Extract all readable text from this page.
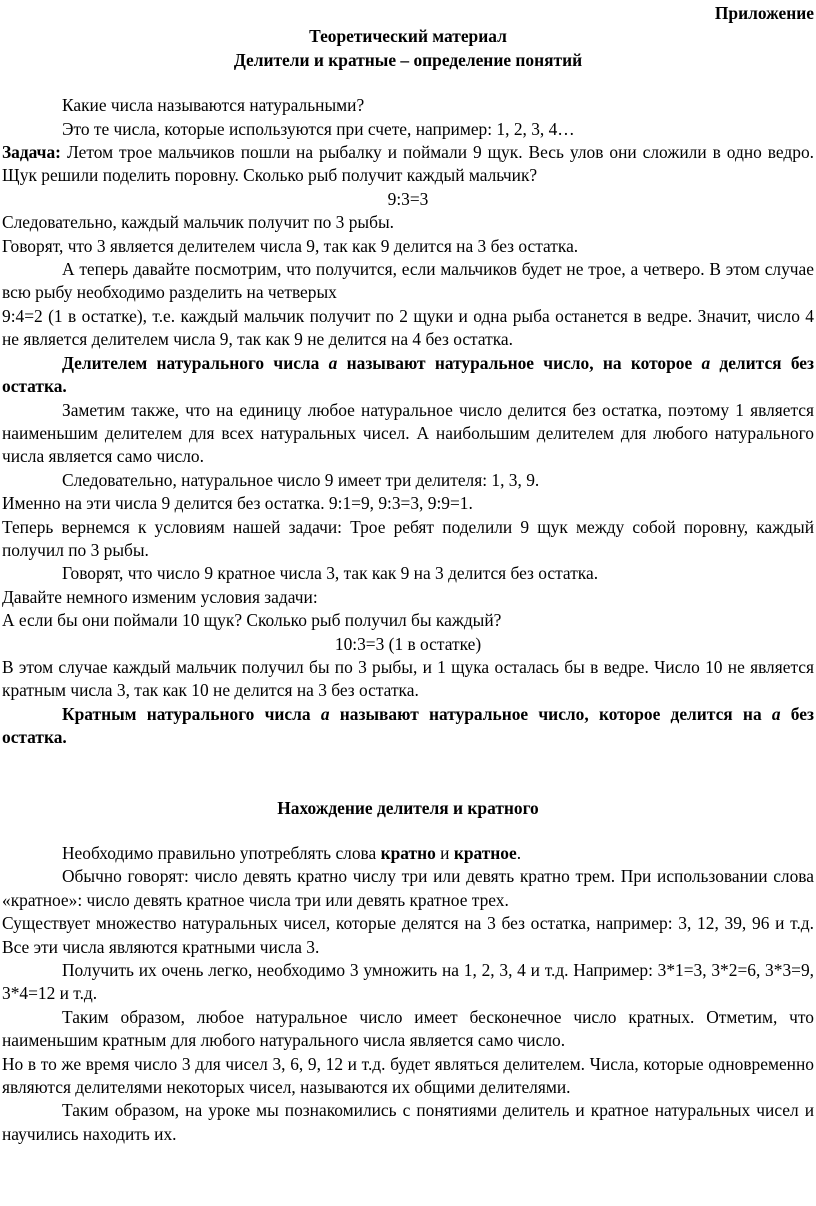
Приложение

Теоретический материал

Делители и кратные – определение понятий

Какие числа называются натуральными?

Это те числа, которые используются при счете, например: 1, 2, 3, 4…

Задача: Летом трое мальчиков пошли на рыбалку и поймали 9 щук. Весь улов они сложили в одно ведро. Щук решили поделить поровну. Сколько рыб получит каждый мальчик?

9:3=3

Следовательно, каждый мальчик получит по 3 рыбы.

Говорят, что 3 является делителем числа 9, так как 9 делится на 3 без остатка.

А теперь давайте посмотрим, что получится, если мальчиков будет не трое, а четверо. В этом случае всю рыбу необходимо разделить на четверых

9:4=2 (1 в остатке), т.е. каждый мальчик получит по 2 щуки и одна рыба останется в ведре. Значит, число 4 не является делителем числа 9, так как 9 не делится на 4 без остатка.

Делителем натурального числа а называют натуральное число, на которое а делится без остатка.

Заметим также, что на единицу любое натуральное число делится без остатка, поэтому 1 является наименьшим делителем для всех натуральных чисел. А наибольшим делителем для любого натурального числа является само число.

Следовательно, натуральное число 9 имеет три делителя: 1, 3, 9.

Именно на эти числа 9 делится без остатка. 9:1=9, 9:3=3, 9:9=1.

Теперь вернемся к условиям нашей задачи: Трое ребят поделили 9 щук между собой поровну, каждый получил по 3 рыбы.

Говорят, что число 9 кратное числа 3, так как 9 на 3 делится без остатка.

Давайте немного изменим условия задачи:

А если бы они поймали 10 щук? Сколько рыб получил бы каждый?

10:3=3 (1 в остатке)

В этом случае каждый мальчик получил бы по 3 рыбы, и 1 щука осталась бы в ведре. Число 10 не является кратным числа 3, так как 10 не делится на 3 без остатка.

Кратным натурального числа а называют натуральное число, которое делится на а без остатка.

Нахождение делителя и кратного

Необходимо правильно употреблять слова кратно и кратное.

Обычно говорят: число девять кратно числу три или девять кратно трем. При использовании слова «кратное»: число девять кратное числа три или девять кратное трех.

Существует множество натуральных чисел, которые делятся на 3 без остатка, например: 3, 12, 39, 96 и т.д. Все эти числа являются кратными числа 3.

Получить их очень легко, необходимо 3 умножить на 1, 2, 3, 4 и т.д. Например: 3*1=3, 3*2=6, 3*3=9, 3*4=12 и т.д.

Таким образом, любое натуральное число имеет бесконечное число кратных. Отметим, что наименьшим кратным для любого натурального числа является само число.

Но в то же время число 3 для чисел 3, 6, 9, 12 и т.д. будет являться делителем. Числа, которые одновременно являются делителями некоторых чисел, называются их общими делителями.

Таким образом, на уроке мы познакомились с понятиями делитель и кратное натуральных чисел и научились находить их.
